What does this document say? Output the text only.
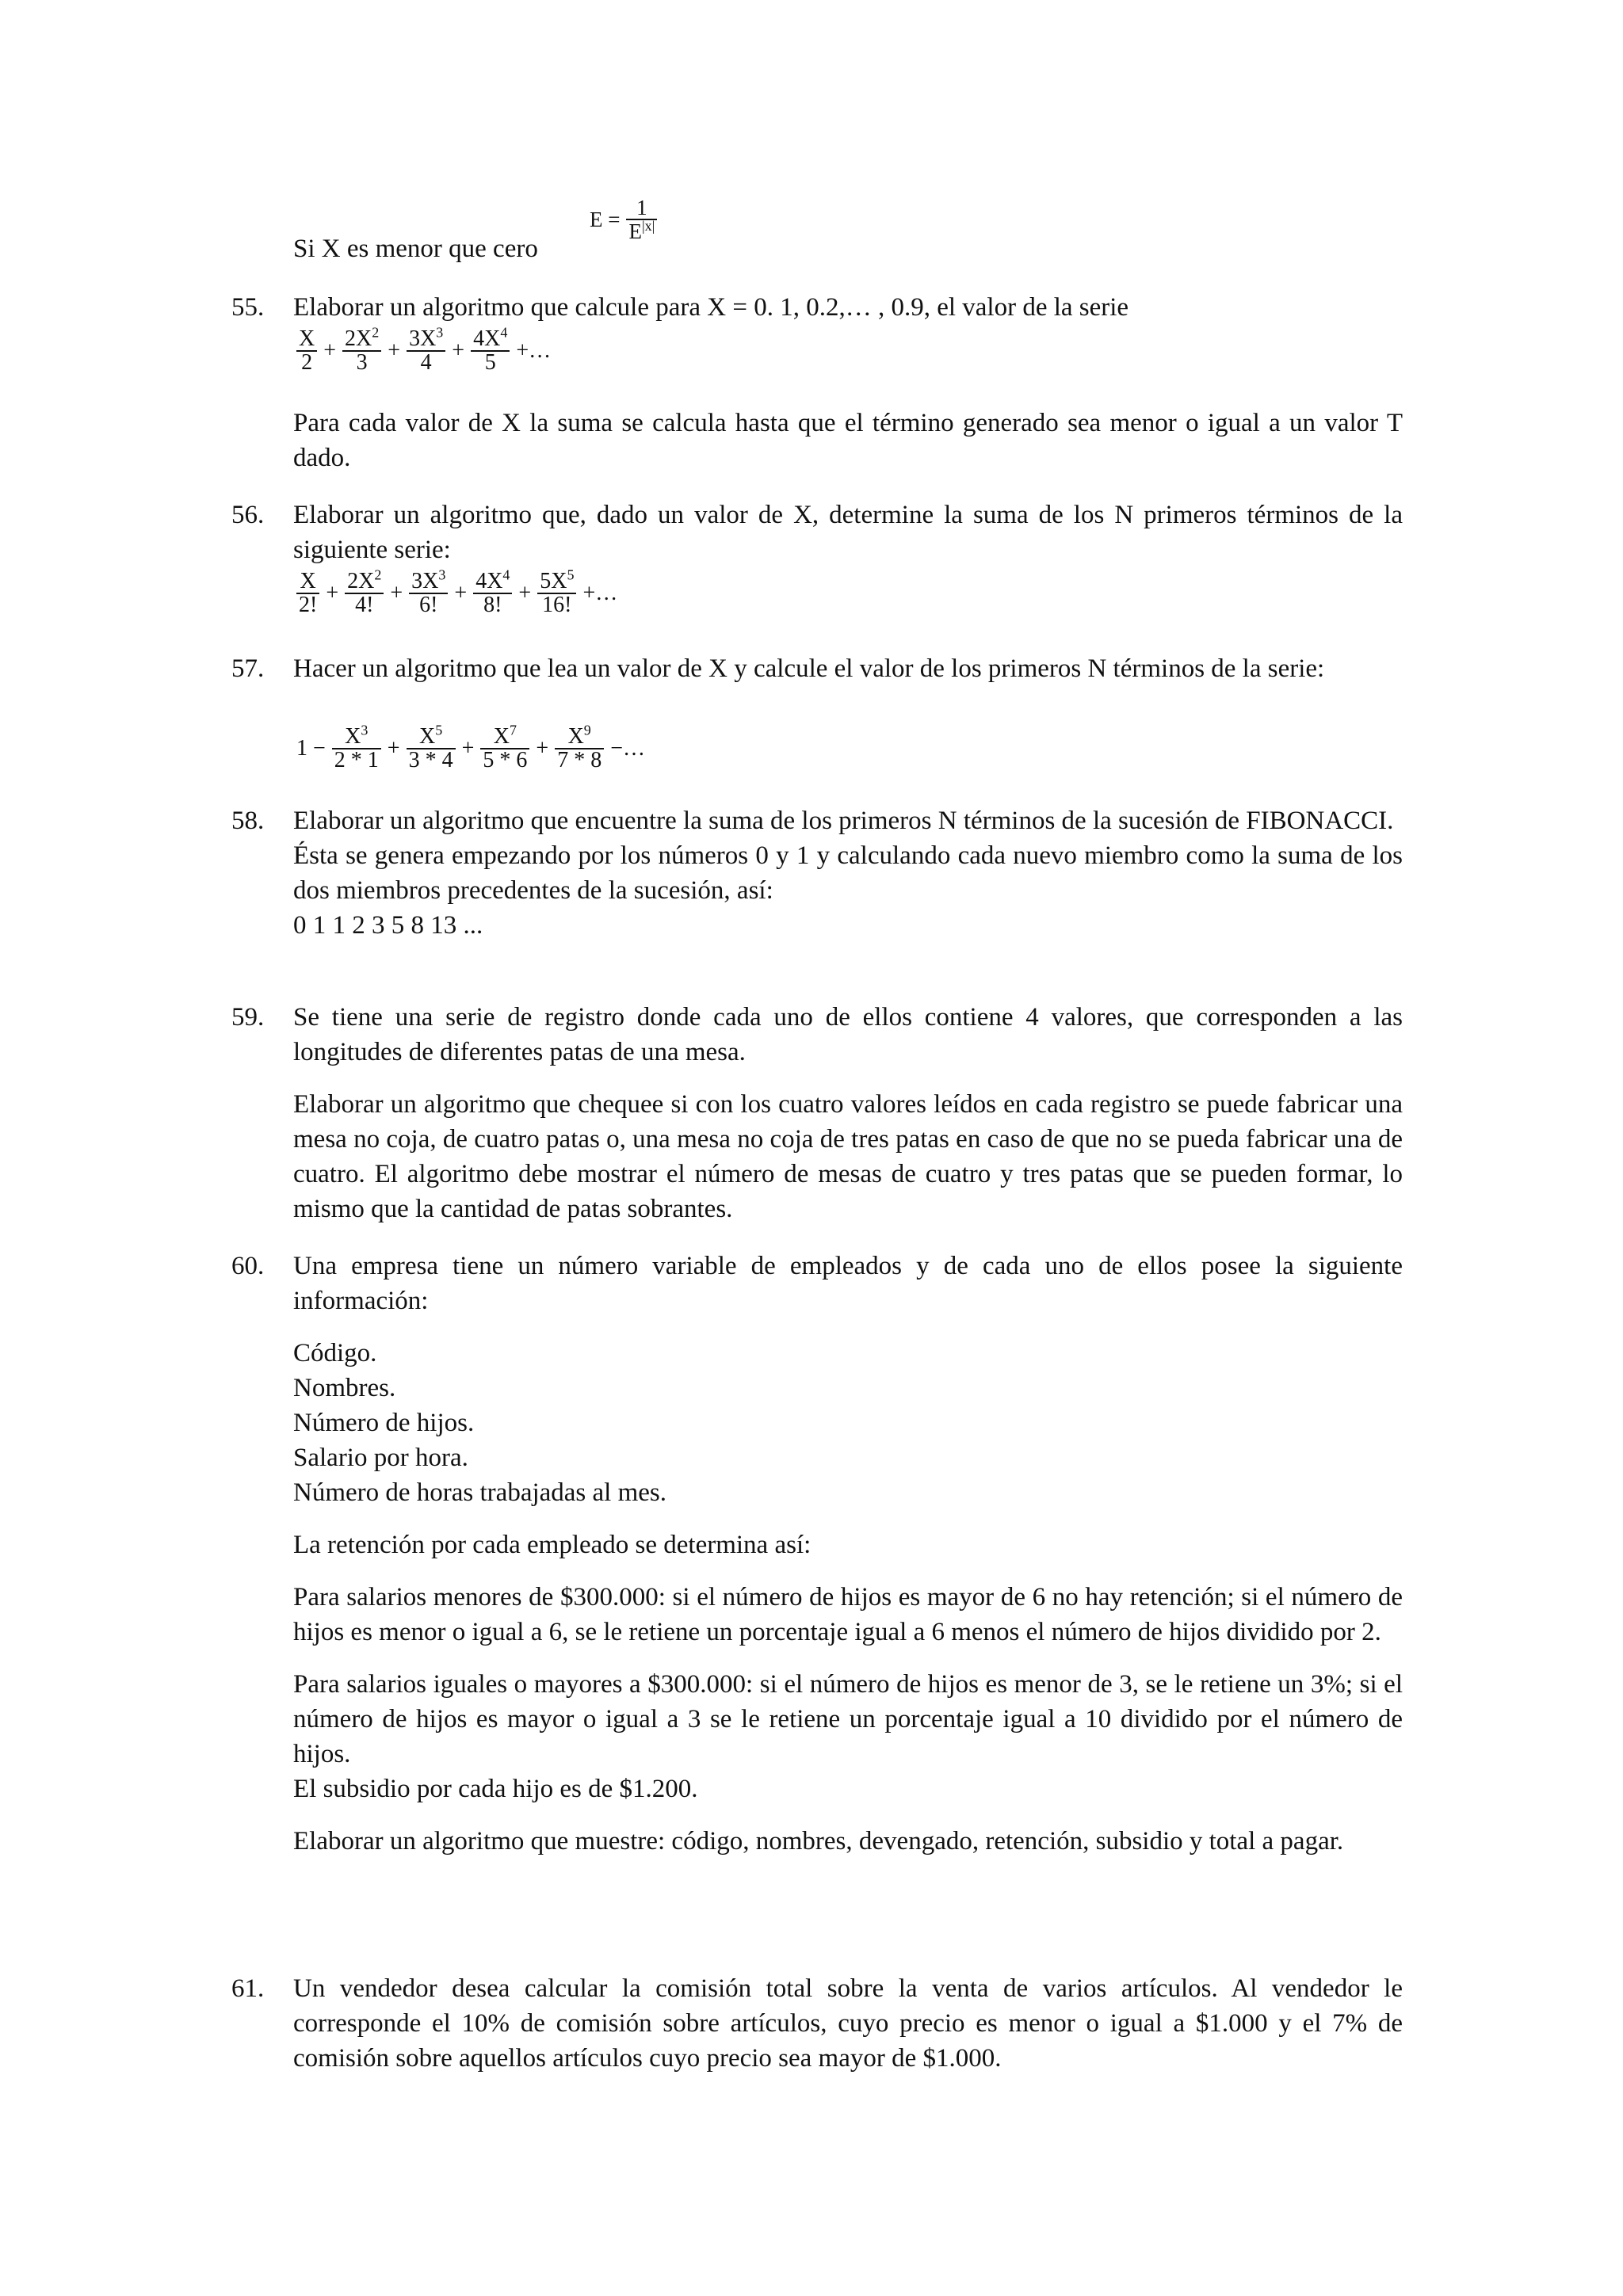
Si X es menor que cero
$E = \frac{1}{E^{|x|}}$
55.	Elaborar un algoritmo que calcule para X = 0. 1, 0.2,… , 0.9, el valor de la serie
$\frac{X}{2} + \frac{2X^2}{3} + \frac{3X^3}{4} + \frac{4X^4}{5}$ +…
Para cada valor de X la suma se calcula hasta que el término generado sea menor o igual a un valor T dado.
56.	Elaborar un algoritmo que, dado un valor de X, determine la suma de los N primeros términos de la siguiente serie:
$\frac{X}{2!} + \frac{2X^2}{4!} + \frac{3X^3}{6!} + \frac{4X^4}{8!} + \frac{5X^5}{16!}$ +…
57.	Hacer un algoritmo que lea un valor de X y calcule el valor de los primeros N términos de la serie:
$1 - \frac{X^3}{2 * 1} + \frac{X^5}{3 * 4} + \frac{X^7}{5 * 6} + \frac{X^9}{7 * 8}$ −…
58.	Elaborar un algoritmo que encuentre la suma de los primeros N términos de la sucesión de FIBONACCI.

Ésta se genera empezando por los números 0 y 1 y calculando cada nuevo miembro como la suma de los dos miembros precedentes de la sucesión, así:

0 1 1 2 3 5 8 13 ...

59.	Se tiene una serie de registro donde cada uno de ellos contiene 4 valores, que corresponden a las longitudes de diferentes patas de una mesa.

Elaborar un algoritmo que chequee si con los cuatro valores leídos en cada registro se puede fabricar una mesa no coja, de cuatro patas o, una mesa no coja de tres patas en caso de que no se pueda fabricar una de cuatro. El algoritmo debe mostrar el número de mesas de cuatro y tres patas que se pueden formar, lo mismo que la cantidad de patas sobrantes.

60.	Una empresa tiene un número variable de empleados y de cada uno de ellos posee la siguiente información:

Código.

Nombres.

Número de hijos.

Salario por hora.

Número de horas trabajadas al mes.

La retención por cada empleado se determina así:

Para salarios menores de $300.000: si el número de hijos es mayor de 6 no hay retención; si el número de hijos es menor o igual a 6, se le retiene un porcentaje igual a 6 menos el número de hijos dividido por 2.

Para salarios iguales o mayores a $300.000: si el número de hijos es menor de 3, se le retiene un 3%; si el número de hijos es mayor o igual a 3 se le retiene un porcentaje igual a 10 dividido por el número de hijos.

El subsidio por cada hijo es de $1.200.

Elaborar un algoritmo que muestre: código, nombres, devengado, retención, subsidio y total a pagar.

61.	Un vendedor desea calcular la comisión total sobre la venta de varios artículos. Al vendedor le corresponde el 10% de comisión sobre artículos, cuyo precio es menor o igual a $1.000 y el 7% de comisión sobre aquellos artículos cuyo precio sea mayor de $1.000.
